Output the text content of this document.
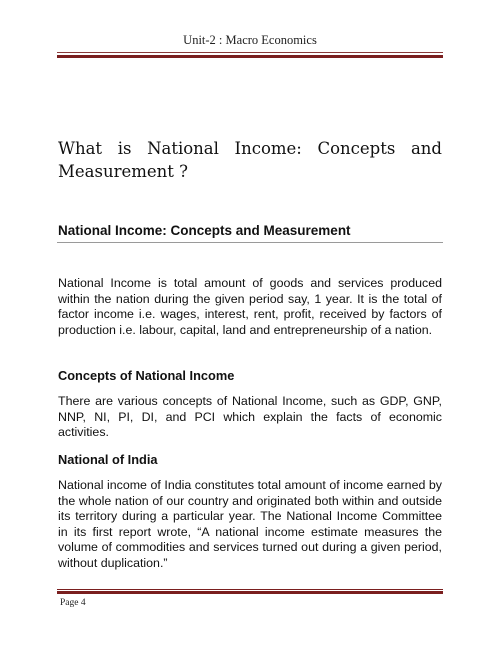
Unit-2 : Macro Economics
What is National Income: Concepts and Measurement ?
National Income: Concepts and Measurement

National Income is total amount of goods and services produced within the nation during the given period say, 1 year. It is the total of factor income i.e. wages, interest, rent, profit, received by factors of production i.e. labour, capital, land and entrepreneurship of a nation.

Concepts of National Income

There are various concepts of National Income, such as GDP, GNP, NNP, NI, PI, DI, and PCI which explain the facts of economic activities.

National of India

National income of India constitutes total amount of income earned by the whole nation of our country and originated both within and outside its territory during a particular year. The National Income Committee in its first report wrote, “A national income estimate measures the volume of commodities and services turned out during a given period, without duplication.”

Page 4
